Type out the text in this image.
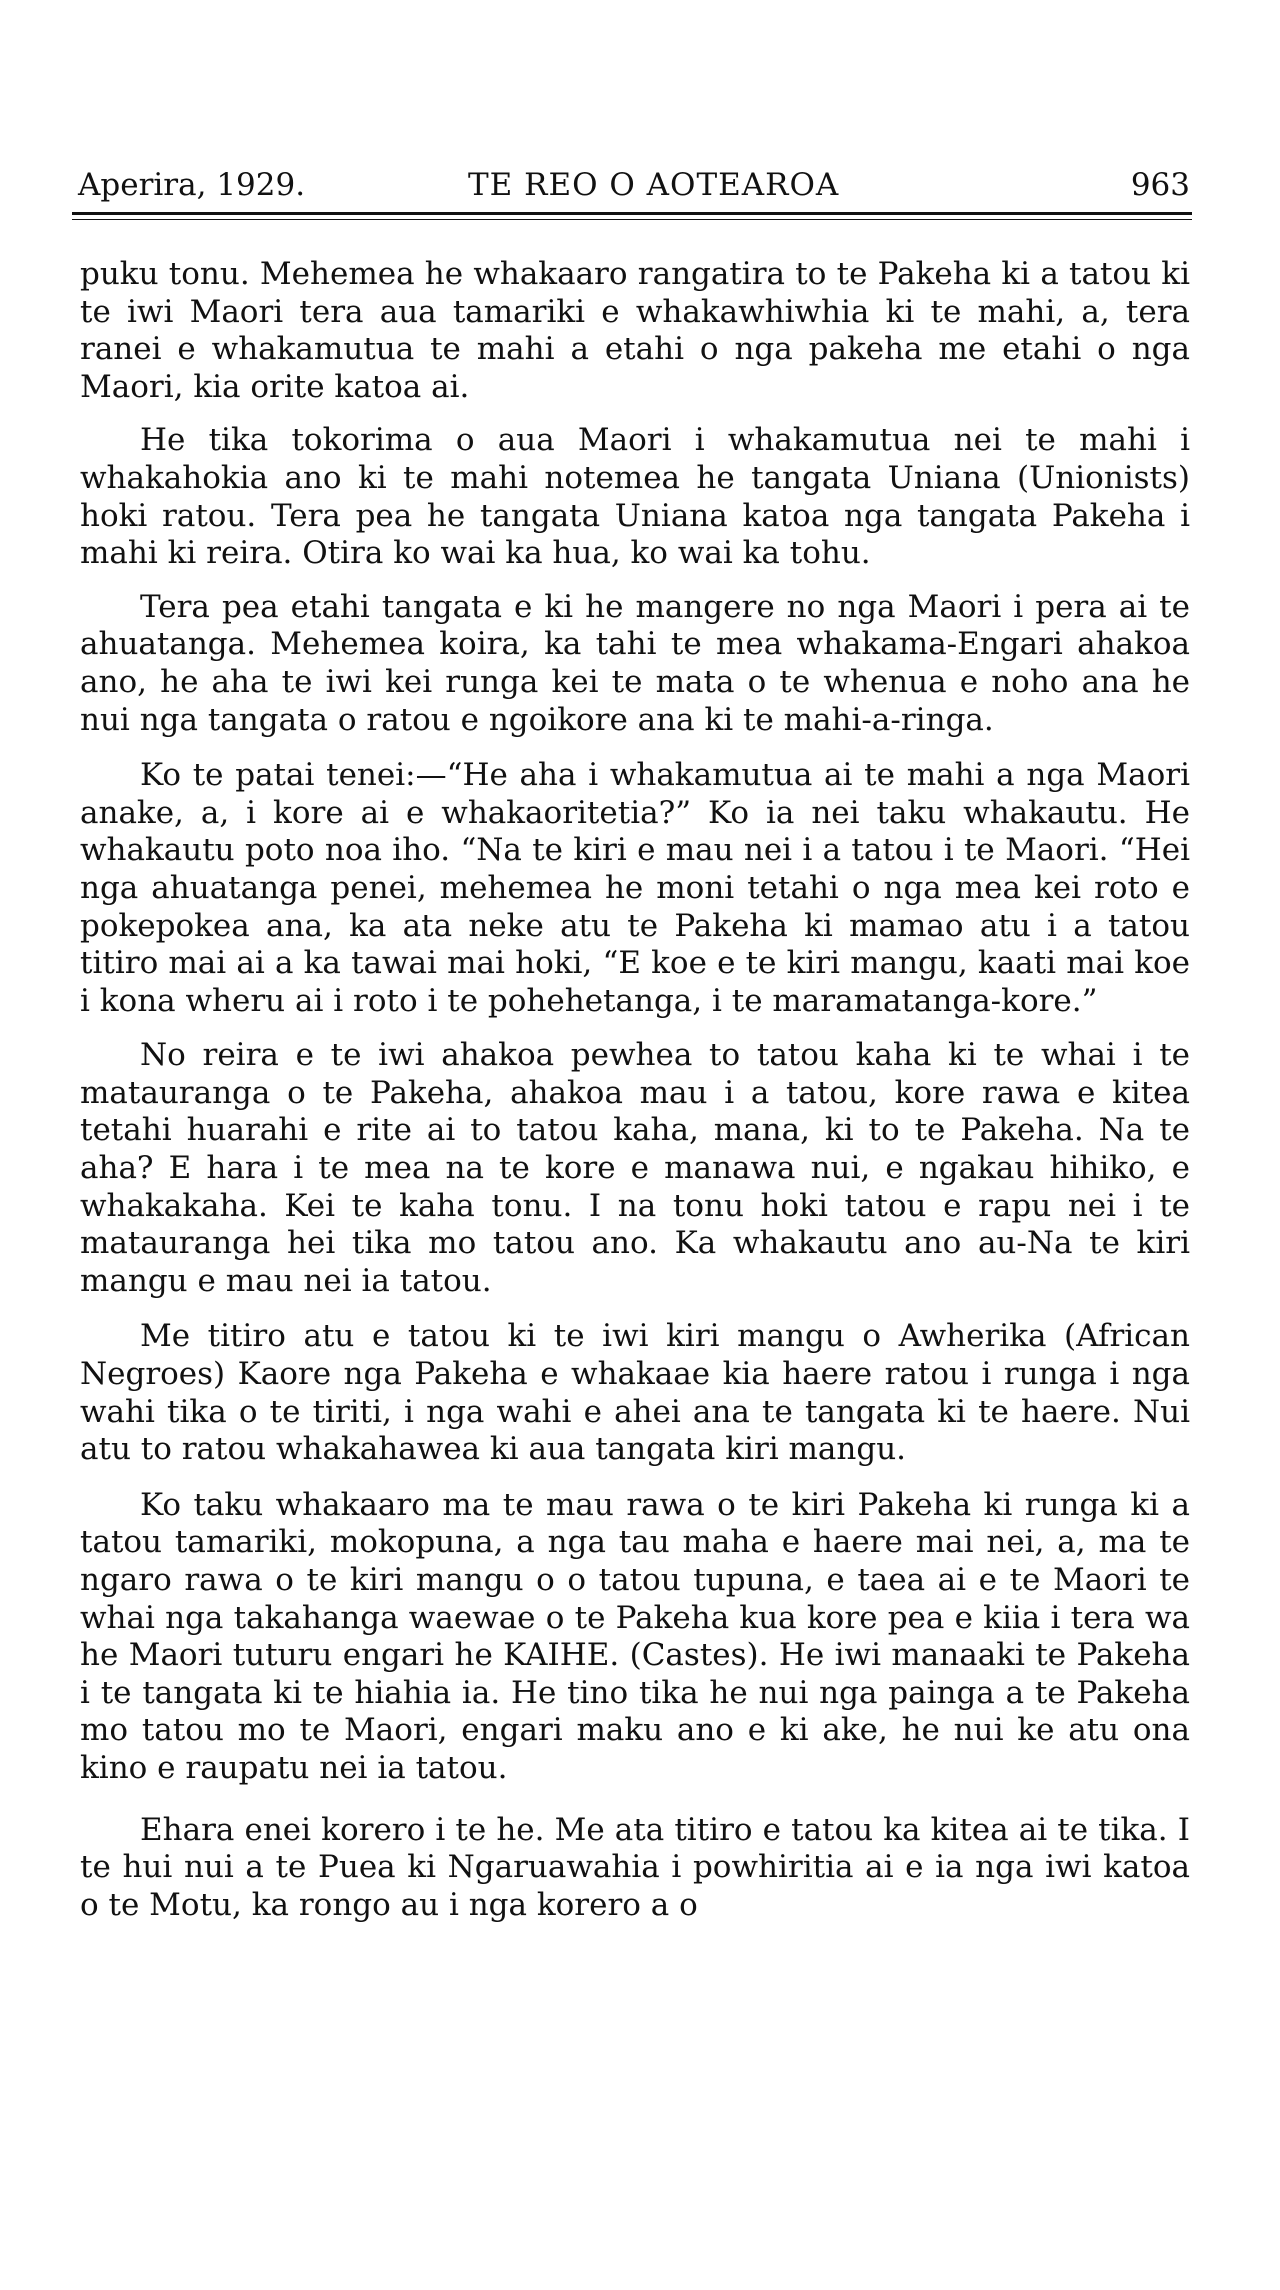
Aperira, 1929.	TE REO O AOTEAROA	963

puku tonu. Mehemea he whakaaro rangatira to te Pakeha ki a tatou ki te iwi Maori tera aua tamariki e whakawhiwhia ki te mahi, a, tera ranei e whakamutua te mahi a etahi o nga pakeha me etahi o nga Maori, kia orite katoa ai.

He tika tokorima o aua Maori i whakamutua nei te mahi i whakahokia ano ki te mahi notemea he tangata Uniana (Unionists) hoki ratou. Tera pea he tangata Uniana katoa nga tangata Pakeha i mahi ki reira. Otira ko wai ka hua, ko wai ka tohu.

Tera pea etahi tangata e ki he mangere no nga Maori i pera ai te ahuatanga. Mehemea koira, ka tahi te mea whakama-Engari ahakoa ano, he aha te iwi kei runga kei te mata o te whenua e noho ana he nui nga tangata o ratou e ngoikore ana ki te mahi-a-ringa.

Ko te patai tenei:—“He aha i whakamutua ai te mahi a nga Maori anake, a, i kore ai e whakaoritetia?” Ko ia nei taku whakautu. He whakautu poto noa iho. “Na te kiri e mau nei i a tatou i te Maori. “Hei nga ahuatanga penei, mehemea he moni tetahi o nga mea kei roto e pokepokea ana, ka ata neke atu te Pakeha ki mamao atu i a tatou titiro mai ai a ka tawai mai hoki, “E koe e te kiri mangu, kaati mai koe i kona wheru ai i roto i te pohehetanga, i te maramatanga-kore.”

No reira e te iwi ahakoa pewhea to tatou kaha ki te whai i te matauranga o te Pakeha, ahakoa mau i a tatou, kore rawa e kitea tetahi huarahi e rite ai to tatou kaha, mana, ki to te Pakeha. Na te aha? E hara i te mea na te kore e manawa nui, e ngakau hihiko, e whakakaha. Kei te kaha tonu. I na tonu hoki tatou e rapu nei i te matauranga hei tika mo tatou ano. Ka whakautu ano au-Na te kiri mangu e mau nei ia tatou.

Me titiro atu e tatou ki te iwi kiri mangu o Awherika (African Negroes) Kaore nga Pakeha e whakaae kia haere ratou i runga i nga wahi tika o te tiriti, i nga wahi e ahei ana te tangata ki te haere. Nui atu to ratou whakahawea ki aua tangata kiri mangu.

Ko taku whakaaro ma te mau rawa o te kiri Pakeha ki runga ki a tatou tamariki, mokopuna, a nga tau maha e haere mai nei, a, ma te ngaro rawa o te kiri mangu o o tatou tupuna, e taea ai e te Maori te whai nga takahanga waewae o te Pakeha kua kore pea e kiia i tera wa he Maori tuturu engari he KAIHE. (Castes). He iwi manaaki te Pakeha i te tangata ki te hiahia ia. He tino tika he nui nga painga a te Pakeha mo tatou mo te Maori, engari maku ano e ki ake, he nui ke atu ona kino e raupatu nei ia tatou.

Ehara enei korero i te he. Me ata titiro e tatou ka kitea ai te tika. I te hui nui a te Puea ki Ngaruawahia i powhiritia ai e ia nga iwi katoa o te Motu, ka rongo au i nga korero a o
